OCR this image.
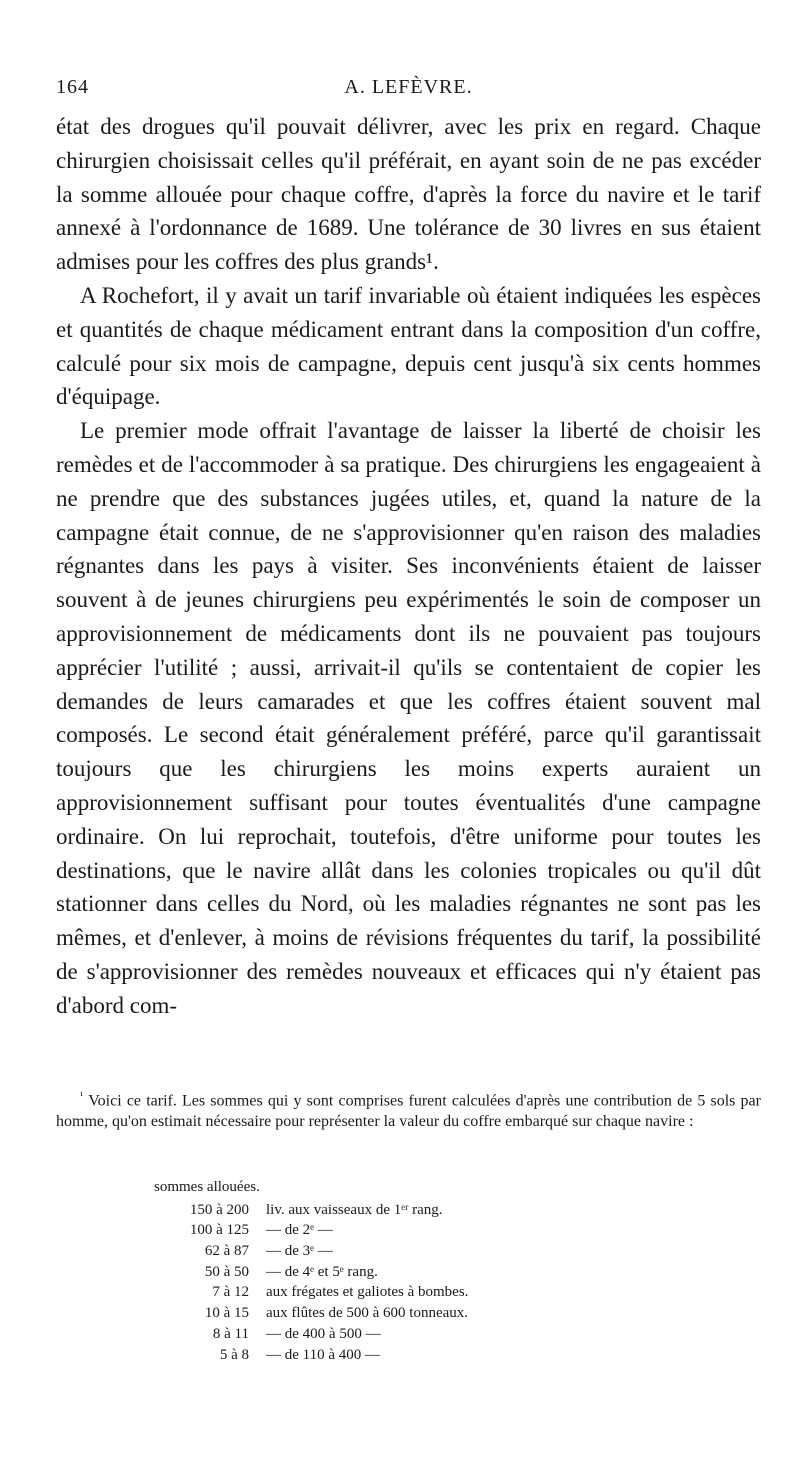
164	A. LEFÈVRE.

état des drogues qu'il pouvait délivrer, avec les prix en regard. Chaque chirurgien choisissait celles qu'il préférait, en ayant soin de ne pas excéder la somme allouée pour chaque coffre, d'après la force du navire et le tarif annexé à l'ordonnance de 1689. Une tolérance de 30 livres en sus étaient admises pour les coffres des plus grands¹.

A Rochefort, il y avait un tarif invariable où étaient indiquées les espèces et quantités de chaque médicament entrant dans la composition d'un coffre, calculé pour six mois de campagne, depuis cent jusqu'à six cents hommes d'équipage.

Le premier mode offrait l'avantage de laisser la liberté de choisir les remèdes et de l'accommoder à sa pratique. Des chirurgiens les engageaient à ne prendre que des substances jugées utiles, et, quand la nature de la campagne était connue, de ne s'approvisionner qu'en raison des maladies régnantes dans les pays à visiter. Ses inconvénients étaient de laisser souvent à de jeunes chirurgiens peu expérimentés le soin de composer un approvisionnement de médicaments dont ils ne pouvaient pas toujours apprécier l'utilité ; aussi, arrivait-il qu'ils se contentaient de copier les demandes de leurs camarades et que les coffres étaient souvent mal composés. Le second était généralement préféré, parce qu'il garantissait toujours que les chirurgiens les moins experts auraient un approvisionnement suffisant pour toutes éventualités d'une campagne ordinaire. On lui reprochait, toutefois, d'être uniforme pour toutes les destinations, que le navire allât dans les colonies tropicales ou qu'il dût stationner dans celles du Nord, où les maladies régnantes ne sont pas les mêmes, et d'enlever, à moins de révisions fréquentes du tarif, la possibilité de s'approvisionner des remèdes nouveaux et efficaces qui n'y étaient pas d'abord com-

$^{^1}$ Voici ce tarif. Les sommes qui y sont comprises furent calculées d'après une contribution de 5 sols par homme, qu'on estimait nécessaire pour représenter la valeur du coffre embarqué sur chaque navire :

sommes allouées.
150 à 200 liv. aux vaisseaux de 1ᵉʳ rang.
100 à 125 — de 2ᵉ —
62 à 87 — de 3ᵉ —
50 à 50 — de 4ᵉ et 5ᵉ rang.
7 à 12 aux frégates et galiotes à bombes.
10 à 15 aux flûtes de 500 à 600 tonneaux.
8 à 11 — de 400 à 500 —
5 à 8 — de 110 à 400 —
